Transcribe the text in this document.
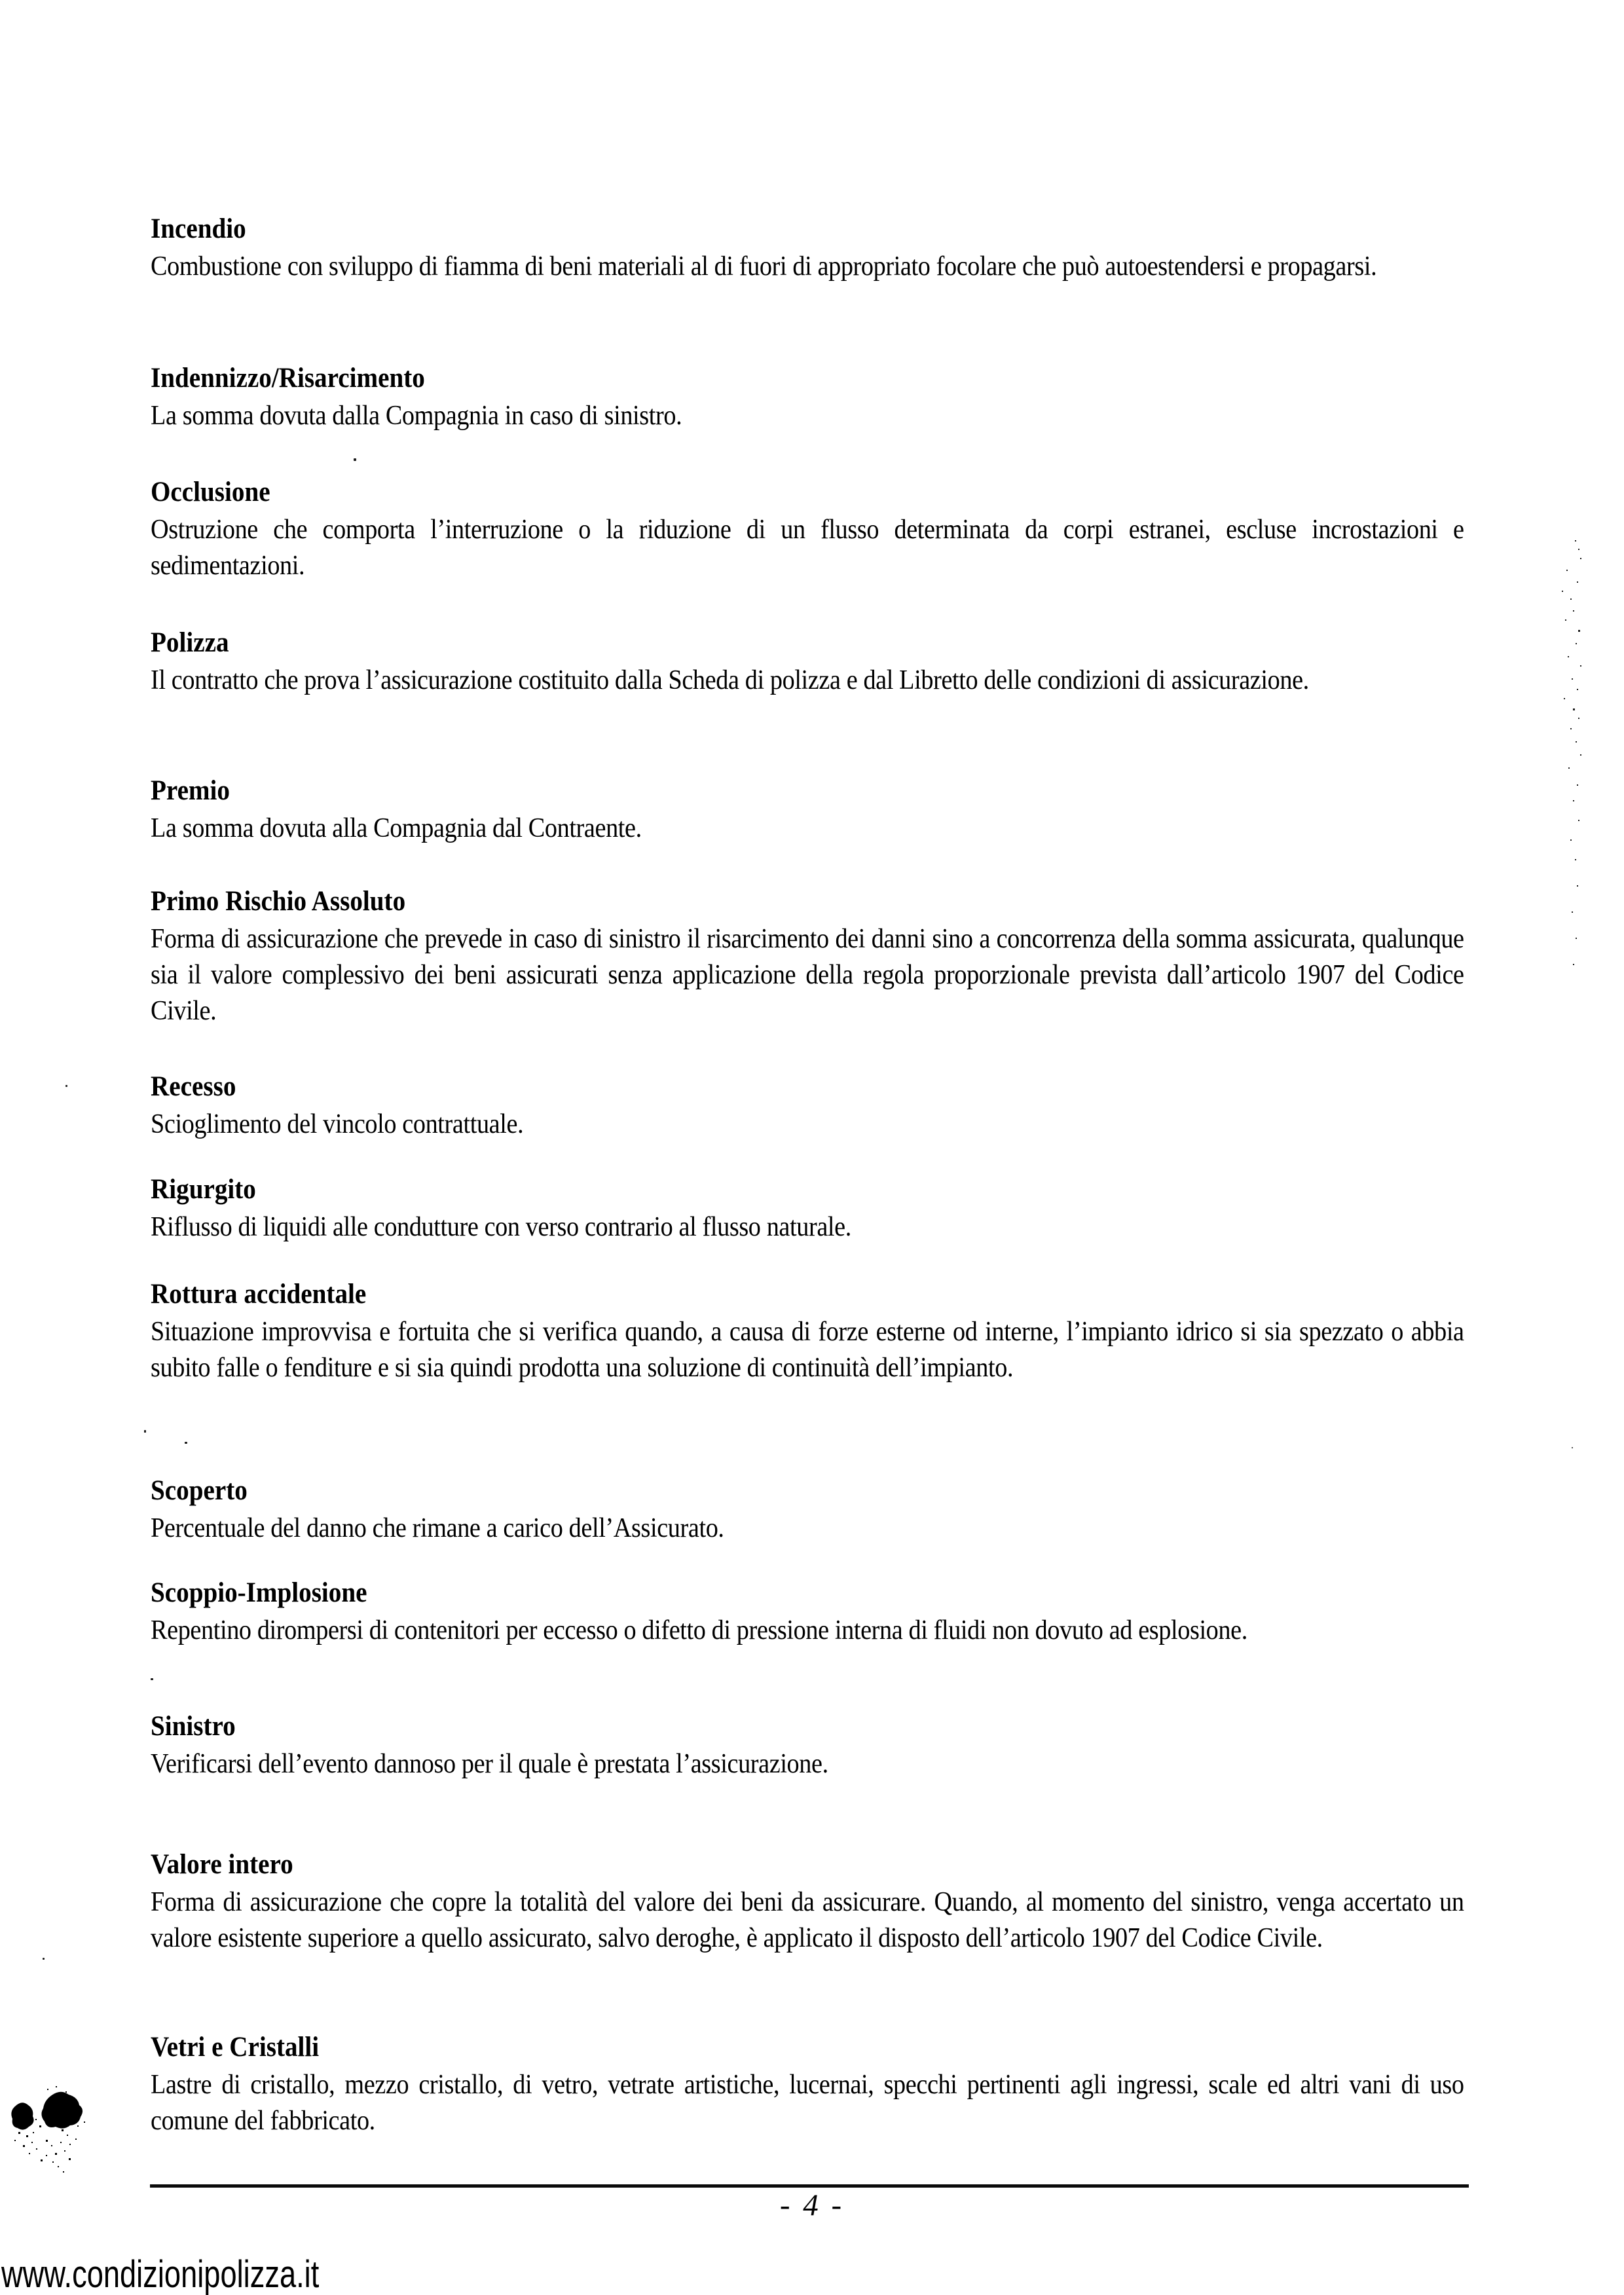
Incendio

Combustione con sviluppo di fiamma di beni materiali al di fuori di appropriato focolare che può autoestendersi e propagarsi.

Indennizzo/Risarcimento

La somma dovuta dalla Compagnia in caso di sinistro.

Occlusione

Ostruzione che comporta l’interruzione o la riduzione di un flusso determinata da corpi estranei, escluse incrostazioni e sedimentazioni.

Polizza

Il contratto che prova l’assicurazione costituito dalla Scheda di polizza e dal Libretto delle condizioni di assicurazione.

Premio

La somma dovuta alla Compagnia dal Contraente.

Primo Rischio Assoluto

Forma di assicurazione che prevede in caso di sinistro il risarcimento dei danni sino a concorrenza della somma assicurata, qualunque sia il valore complessivo dei beni assicurati senza applicazione della regola proporzionale prevista dall’articolo 1907 del Codice Civile.

Recesso

Scioglimento del vincolo contrattuale.

Rigurgito

Riflusso di liquidi alle condutture con verso contrario al flusso naturale.

Rottura accidentale

Situazione improvvisa e fortuita che si verifica quando, a causa di forze esterne od interne, l’impianto idrico si sia spezzato o abbia subito falle o fenditure e si sia quindi prodotta una soluzione di continuità dell’impianto.

Scoperto

Percentuale del danno che rimane a carico dell’Assicurato.

Scoppio-Implosione

Repentino dirompersi di contenitori per eccesso o difetto di pressione interna di fluidi non dovuto ad esplosione.

Sinistro

Verificarsi dell’evento dannoso per il quale è prestata l’assicurazione.

Valore intero

Forma di assicurazione che copre la totalità del valore dei beni da assicurare. Quando, al momento del sinistro, venga accertato un valore esistente superiore a quello assicurato, salvo deroghe, è applicato il disposto dell’articolo 1907 del Codice Civile.

Vetri e Cristalli

Lastre di cristallo, mezzo cristallo, di vetro, vetrate artistiche, lucernai, specchi pertinenti agli ingressi, scale ed altri vani di uso comune del fabbricato.

- 4 -
www.condizionipolizza.it
